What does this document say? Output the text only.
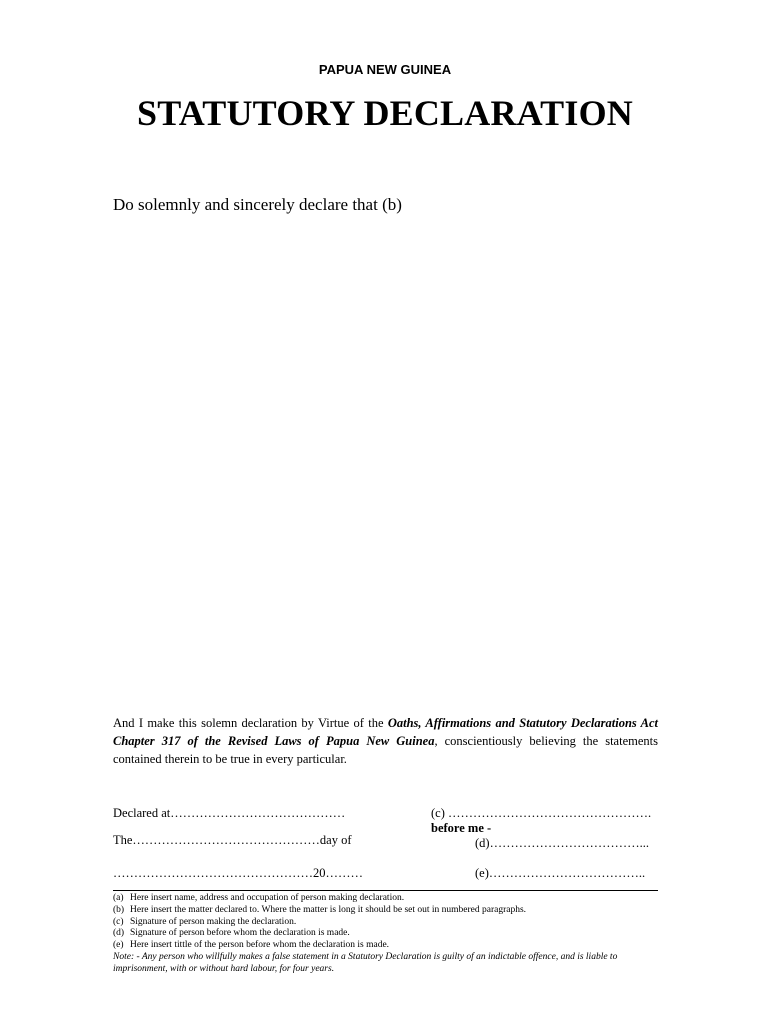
PAPUA NEW GUINEA
STATUTORY DECLARATION
Do solemnly and sincerely declare that (b)
And I make this solemn declaration by Virtue of the Oaths, Affirmations and Statutory Declarations Act Chapter 317 of the Revised Laws of Papua New Guinea, conscientiously believing the statements contained therein to be true in every particular.
Declared at……………………………………
The………………………………………day of
…………………………………………20………
(c) ………………………………………….
before me -
(d)………………………………...
(e)………………………………..
(a) Here insert name, address and occupation of person making declaration.
(b) Here insert the matter declared to. Where the matter is long it should be set out in numbered paragraphs.
(c) Signature of person making the declaration.
(d) Signature of person before whom the declaration is made.
(e) Here insert tittle of the person before whom the declaration is made.
Note: - Any person who willfully makes a false statement in a Statutory Declaration is guilty of an indictable offence, and is liable to imprisonment, with or without hard labour, for four years.
